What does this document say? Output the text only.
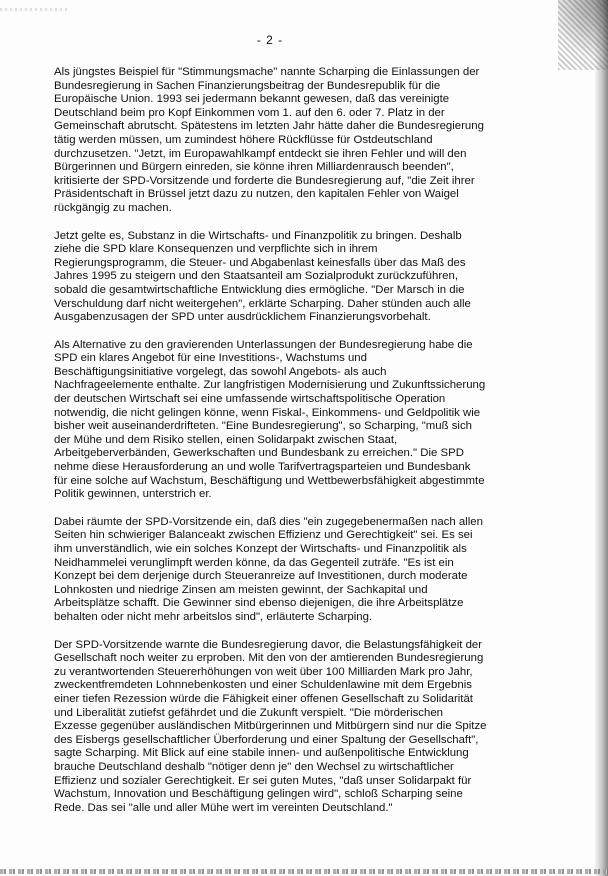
- 2 -

Als jüngstes Beispiel für "Stimmungsmache" nannte Scharping die Einlassungen der
Bundesregierung in Sachen Finanzierungsbeitrag der Bundesrepublik für die
Europäische Union. 1993 sei jedermann bekannt gewesen, daß das vereinigte
Deutschland beim pro Kopf Einkommen vom 1. auf den 6. oder 7. Platz in der
Gemeinschaft abrutscht. Spätestens im letzten Jahr hätte daher die Bundesregierung
tätig werden müssen, um zumindest höhere Rückflüsse für Ostdeutschland
durchzusetzen. "Jetzt, im Europawahlkampf entdeckt sie ihren Fehler und will den
Bürgerinnen und Bürgern einreden, sie könne ihren Milliardenrausch beenden",
kritisierte der SPD-Vorsitzende und forderte die Bundesregierung auf, "die Zeit ihrer
Präsidentschaft in Brüssel jetzt dazu zu nutzen, den kapitalen Fehler von Waigel
rückgängig zu machen.

Jetzt gelte es, Substanz in die Wirtschafts- und Finanzpolitik zu bringen. Deshalb
ziehe die SPD klare Konsequenzen und verpflichte sich in ihrem
Regierungsprogramm, die Steuer- und Abgabenlast keinesfalls über das Maß des
Jahres 1995 zu steigern und den Staatsanteil am Sozialprodukt zurückzuführen,
sobald die gesamtwirtschaftliche Entwicklung dies ermögliche. "Der Marsch in die
Verschuldung darf nicht weitergehen", erklärte Scharping. Daher stünden auch alle
Ausgabenzusagen der SPD unter ausdrücklichem Finanzierungsvorbehalt.

Als Alternative zu den gravierenden Unterlassungen der Bundesregierung habe die
SPD ein klares Angebot für eine Investitions-, Wachstums und
Beschäftigungsinitiative vorgelegt, das sowohl Angebots- als auch
Nachfrageelemente enthalte. Zur langfristigen Modernisierung und Zukunftssicherung
der deutschen Wirtschaft sei eine umfassende wirtschaftspolitische Operation
notwendig, die nicht gelingen könne, wenn Fiskal-, Einkommens- und Geldpolitik wie
bisher weit auseinanderdrifteten. "Eine Bundesregierung", so Scharping, "muß sich
der Mühe und dem Risiko stellen, einen Solidarpakt zwischen Staat,
Arbeitgeberverbänden, Gewerkschaften und Bundesbank zu erreichen." Die SPD
nehme diese Herausforderung an und wolle Tarifvertragsparteien und Bundesbank
für eine solche auf Wachstum, Beschäftigung und Wettbewerbsfähigkeit abgestimmte
Politik gewinnen, unterstrich er.

Dabei räumte der SPD-Vorsitzende ein, daß dies "ein zugegebenermaßen nach allen
Seiten hin schwieriger Balanceakt zwischen Effizienz und Gerechtigkeit" sei. Es sei
ihm unverständlich, wie ein solches Konzept der Wirtschafts- und Finanzpolitik als
Neidhammelei verunglimpft werden könne, da das Gegenteil zuträfe. "Es ist ein
Konzept bei dem derjenige durch Steueranreize auf Investitionen, durch moderate
Lohnkosten und niedrige Zinsen am meisten gewinnt, der Sachkapital und
Arbeitsplätze schafft. Die Gewinner sind ebenso diejenigen, die ihre Arbeitsplätze
behalten oder nicht mehr arbeitslos sind", erläuterte Scharping.

Der SPD-Vorsitzende warnte die Bundesregierung davor, die Belastungsfähigkeit der
Gesellschaft noch weiter zu erproben. Mit den von der amtierenden Bundesregierung
zu verantwortenden Steuererhöhungen von weit über 100 Milliarden Mark pro Jahr,
zweckentfremdeten Lohnnebenkosten und einer Schuldenlawine mit dem Ergebnis
einer tiefen Rezession würde die Fähigkeit einer offenen Gesellschaft zu Solidarität
und Liberalität zutiefst gefährdet und die Zukunft verspielt. "Die mörderischen
Exzesse gegenüber ausländischen Mitbürgerinnen und Mitbürgern sind nur die Spitze
des Eisbergs gesellschaftlicher Überforderung und einer Spaltung der Gesellschaft",
sagte Scharping. Mit Blick auf eine stabile innen- und außenpolitische Entwicklung
brauche Deutschland deshalb "nötiger denn je" den Wechsel zu wirtschaftlicher
Effizienz und sozialer Gerechtigkeit. Er sei guten Mutes, "daß unser Solidarpakt für
Wachstum, Innovation und Beschäftigung gelingen wird", schloß Scharping seine
Rede. Das sei "alle und aller Mühe wert im vereinten Deutschland."
